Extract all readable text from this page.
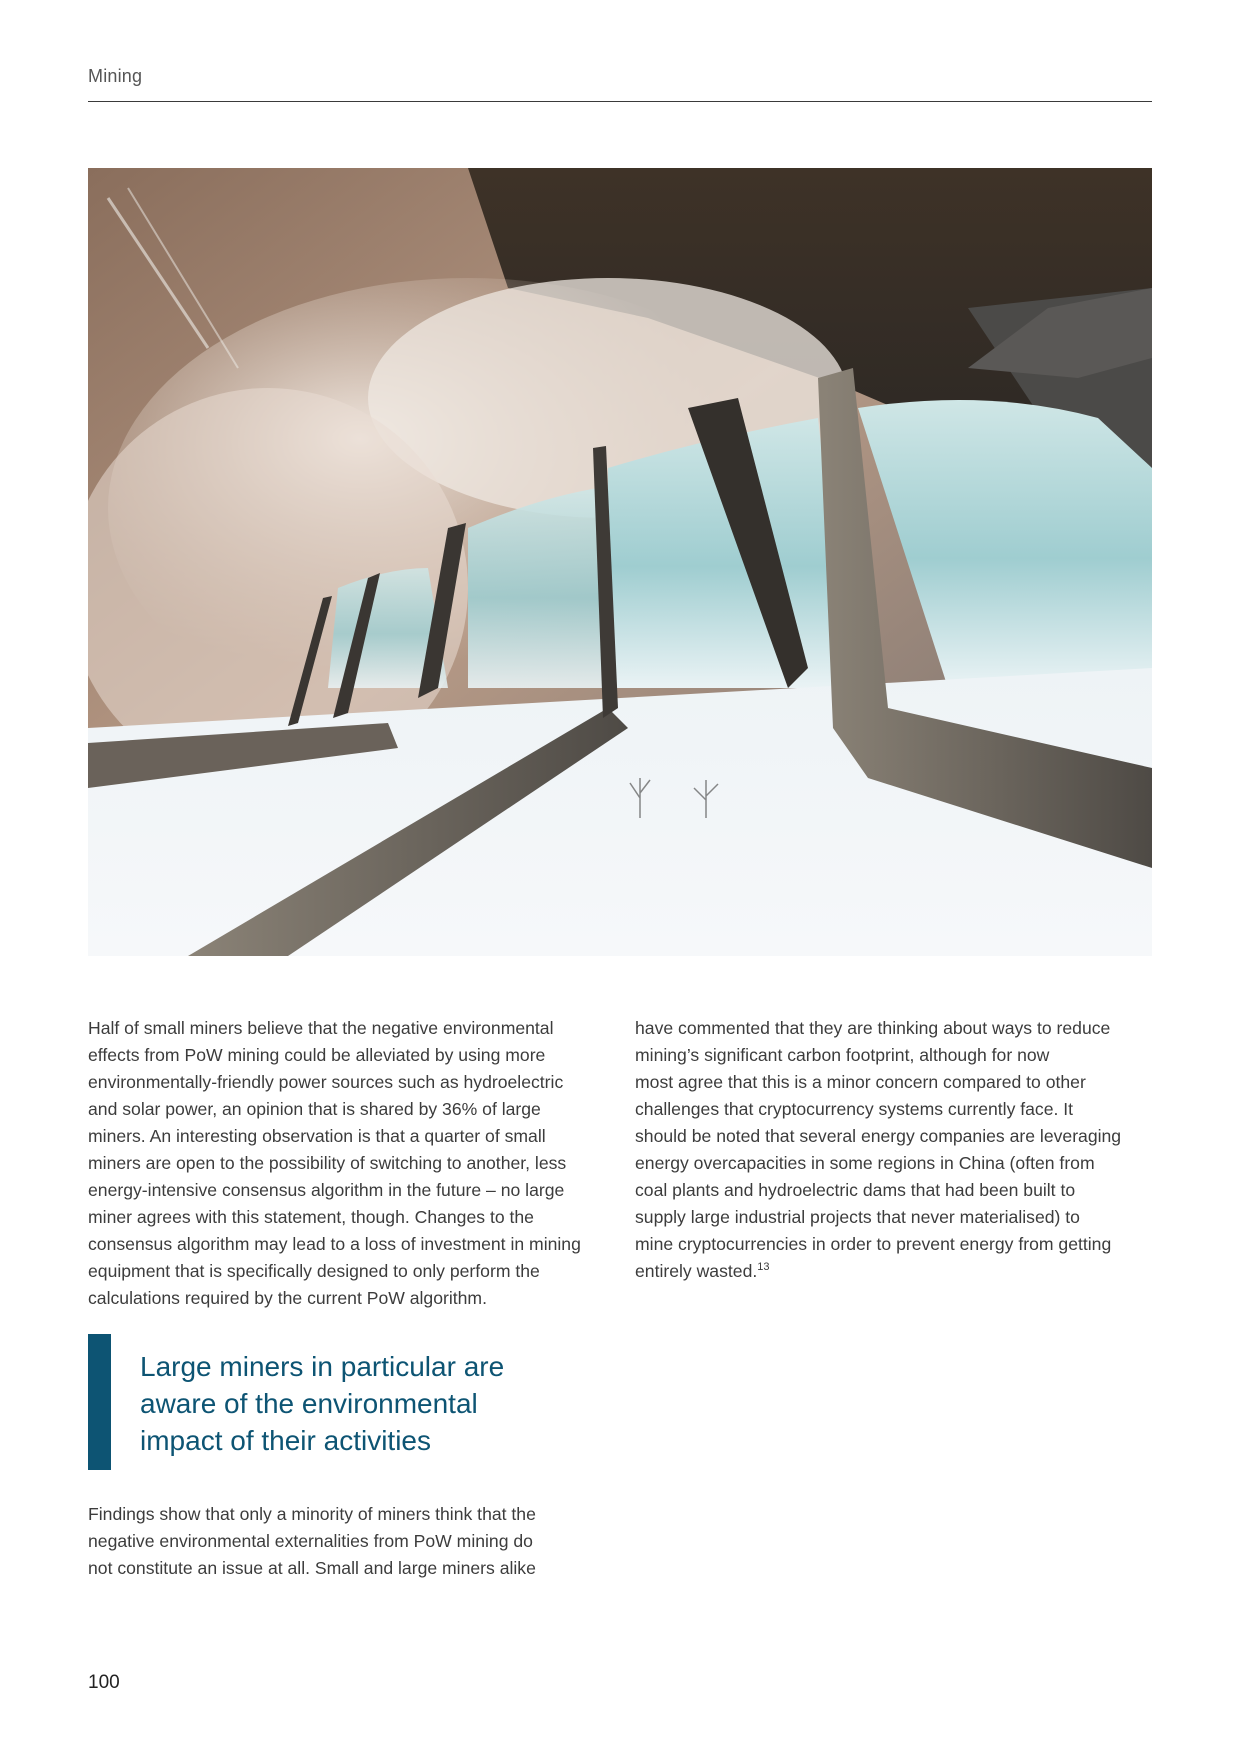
Mining

Half of small miners believe that the negative environmental
effects from PoW mining could be alleviated by using more
environmentally-friendly power sources such as hydroelectric
and solar power, an opinion that is shared by 36% of large
miners. An interesting observation is that a quarter of small
miners are open to the possibility of switching to another, less
energy-intensive consensus algorithm in the future – no large
miner agrees with this statement, though. Changes to the
consensus algorithm may lead to a loss of investment in mining
equipment that is specifically designed to only perform the
calculations required by the current PoW algorithm.

have commented that they are thinking about ways to reduce
mining’s significant carbon footprint, although for now
most agree that this is a minor concern compared to other
challenges that cryptocurrency systems currently face. It
should be noted that several energy companies are leveraging
energy overcapacities in some regions in China (often from
coal plants and hydroelectric dams that had been built to
supply large industrial projects that never materialised) to
mine cryptocurrencies in order to prevent energy from getting
entirely wasted.$^{13}$

Large miners in particular are
aware of the environmental
impact of their activities

Findings show that only a minority of miners think that the
negative environmental externalities from PoW mining do
not constitute an issue at all. Small and large miners alike

100
